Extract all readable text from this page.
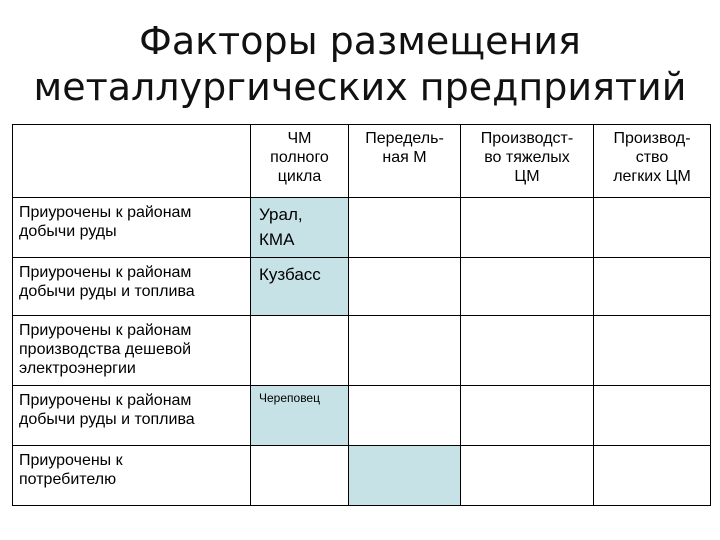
Факторы размещения
металлургических предприятий

	ЧМ
полного
цикла	Передель-
ная М	Производст-
во тяжелых
ЦМ	Производ-
ство
легких ЦМ

Приурочены к районам
добычи руды	Урал,
КМА			

Приурочены к районам
добычи руды и топлива	Кузбасс			

Приурочены к районам
производства дешевой
электроэнергии				

Приурочены к районам
добычи руды и топлива	Череповец			

Приурочены к
потребителю				
